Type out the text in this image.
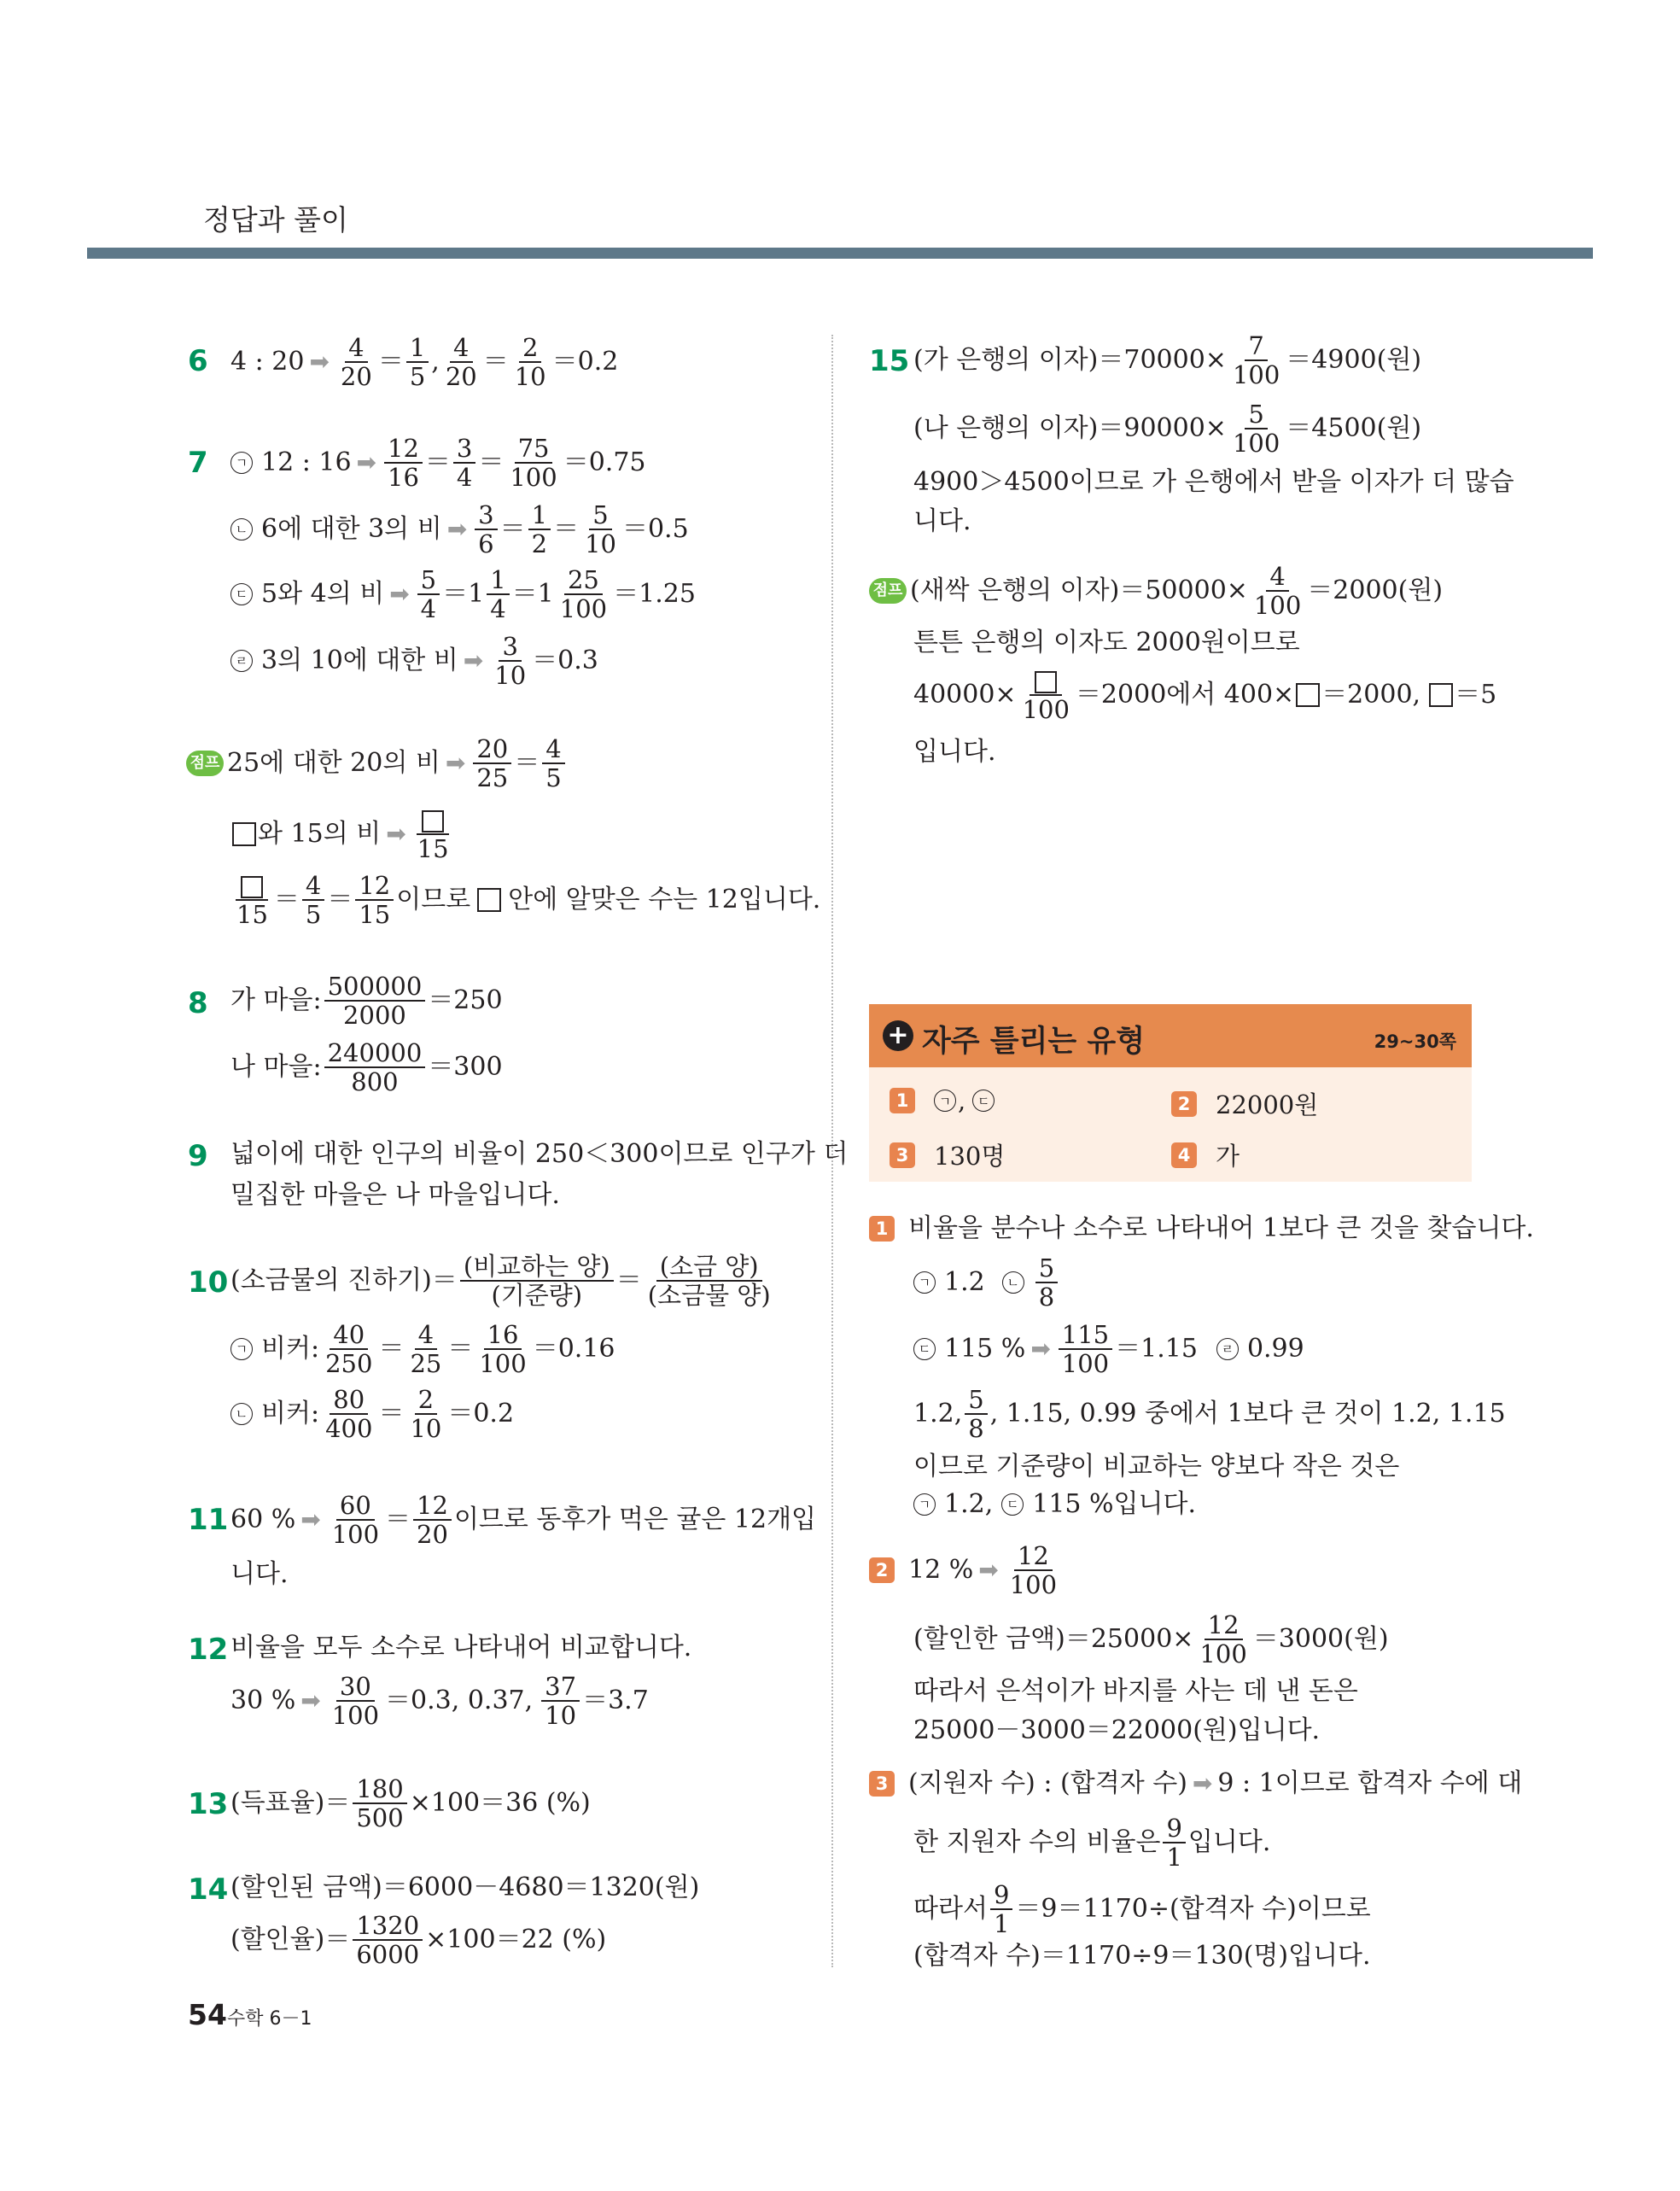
정답과 풀이
6 4 : 20 ➡ $\frac{4}{20} = \frac{1}{5}$ , $\frac{4}{20} = \frac{2}{10} =0.2$
7	ㄱ 12 : 16 ➡ $\frac{12}{16} = \frac{3}{4} = \frac{75}{100} =0.75$
ㄴ 6에 대한 3의 비 ➡ $\frac{3}{6} = \frac{1}{2} = \frac{5}{10} =0.5$
ㄷ 5와 4의 비 ➡ $\frac{5}{4} =1 \frac{1}{4} =1 \frac{25}{100} =1.25$
ㄹ 3의 10에 대한 비 ➡ $\frac{3}{10} =0.3$
점프 25에 대한 20의 비 ➡ $\frac{20}{25} = \frac{4}{5}$
와 15의 비 ➡
15
$15 = \frac{4}{5} = \frac{12}{15}$ 이므로 안에 알맞은 수는 12입니다.
8 가 마을: $\frac{500000}{2000} =250$
나 마을: $\frac{240000}{800} =300$
9 넓이에 대한 인구의 비율이 250＜300이므로 인구가 더
밀집한 마을은 나 마을입니다.
10 (소금물의 진하기)＝ $\frac{\text{(비교하는 양)}}{\text{(기준량)}} = \frac{\text{(소금 양)}}{\text{(소금물 양)}}$
ㄱ 비커: $\frac{40}{250} = \frac{4}{25} = \frac{16}{100} =0.16$
ㄴ 비커: $\frac{80}{400} = \frac{2}{10} =0.2$
11 60 % ➡ $\frac{60}{100} = \frac{12}{20}$ 이므로 동후가 먹은 귤은 12개입
니다.
12 비율을 모두 소수로 나타내어 비교합니다.
30 % ➡ $\frac{30}{100} =0.3$, 0.37, $\frac{37}{10} =3.7$
13 (득표율)＝ $\frac{180}{500} \times 100=36$ (%)
14 (할인된 금액)＝6000－4680＝1320(원)
(할인율)＝ $\frac{1320}{6000} \times 100=22$ (%)
54 수학 6－1
15 (가 은행의 이자)$=70000\times \frac{7}{100} =4900$(원)
(나 은행의 이자)$=90000\times \frac{5}{100} =4500$(원)
4900＞4500이므로 가 은행에서 받을 이자가 더 많습
니다.
점프 (새싹 은행의 이자)$=50000\times \frac{4}{100} =2000$(원)
튼튼 은행의 이자도 2000원이므로
40000× 100 ＝2000에서 400× ＝2000, ＝5
입니다.
+ 자주 틀리는 유형	29~30쪽
1	ㄱ , ㄷ	2 22000원
3 130명	4 가
1 비율을 분수나 소수로 나타내어 1보다 큰 것을 찾습니다.
ㄱ 1.2	ㄴ $\frac{5}{8}$
ㄷ 115 % ➡ $\frac{115}{100} =1.15$	ㄹ 0.99
1.2, $\frac{5}{8}$ , 1.15, 0.99 중에서 1보다 큰 것이 1.2, 1.15
이므로 기준량이 비교하는 양보다 작은 것은
ㄱ 1.2,	ㄷ 115 %입니다.
2 12 % ➡ $\frac{12}{100}$
(할인한 금액)$=25000\times \frac{12}{100} =3000$(원)
따라서 은석이가 바지를 사는 데 낸 돈은
25000－3000＝22000(원)입니다.
3 (지원자 수) : (합격자 수) ➡ 9 : 1이므로 합격자 수에 대
한 지원자 수의 비율은 $\frac{9}{1}$ 입니다.
따라서 $\frac{9}{1} =9=1170\div$(합격자 수)이므로
(합격자 수)＝1170÷9＝130(명)입니다.
